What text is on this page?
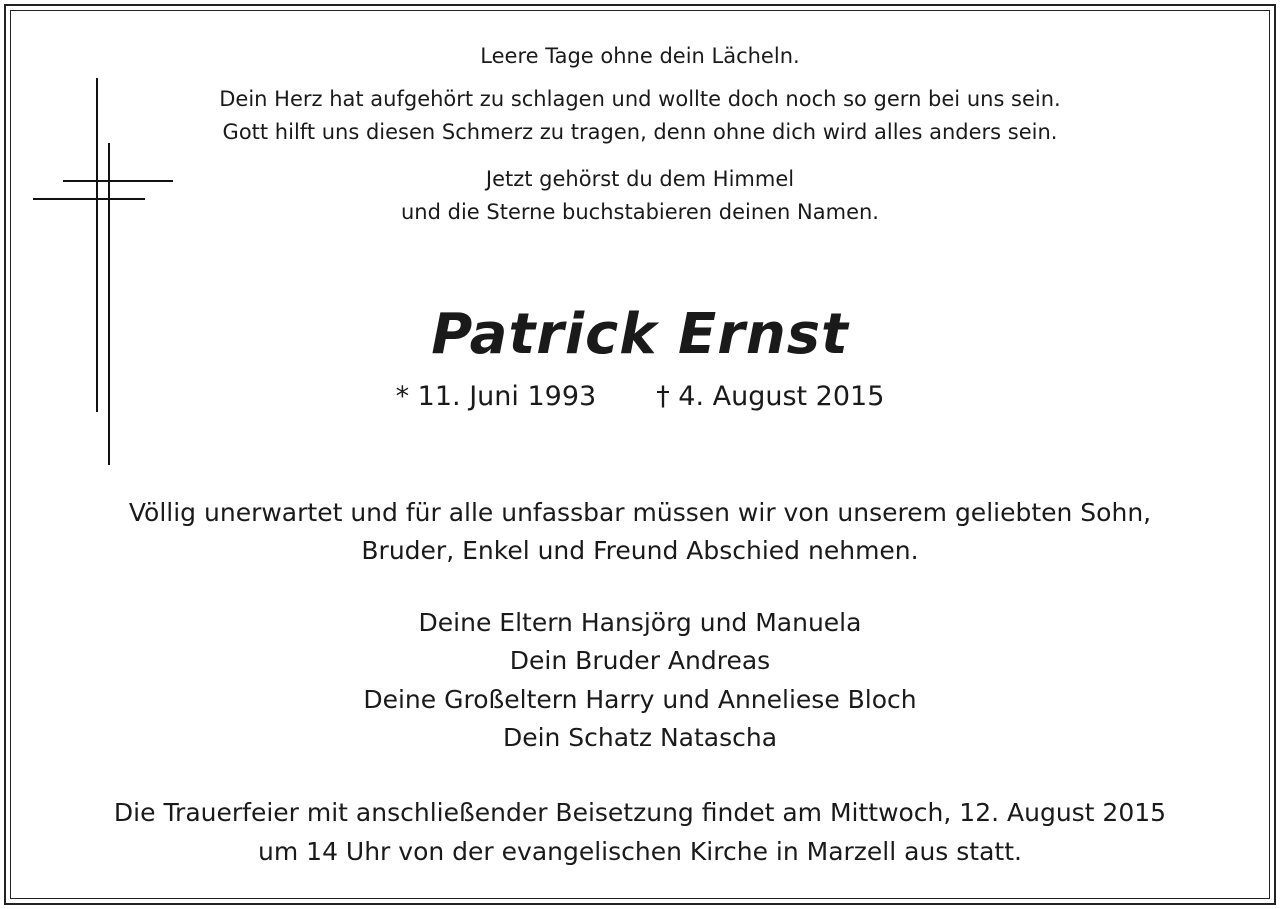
Leere Tage ohne dein Lächeln.
Dein Herz hat aufgehört zu schlagen und wollte doch noch so gern bei uns sein.
Gott hilft uns diesen Schmerz zu tragen, denn ohne dich wird alles anders sein.
Jetzt gehörst du dem Himmel
und die Sterne buchstabieren deinen Namen.
Patrick Ernst
* 11. Juni 1993 † 4. August 2015
Völlig unerwartet und für alle unfassbar müssen wir von unserem geliebten Sohn,
Bruder, Enkel und Freund Abschied nehmen.
Deine Eltern Hansjörg und Manuela
Dein Bruder Andreas
Deine Großeltern Harry und Anneliese Bloch
Dein Schatz Natascha
Die Trauerfeier mit anschließender Beisetzung findet am Mittwoch, 12. August 2015
um 14 Uhr von der evangelischen Kirche in Marzell aus statt.
